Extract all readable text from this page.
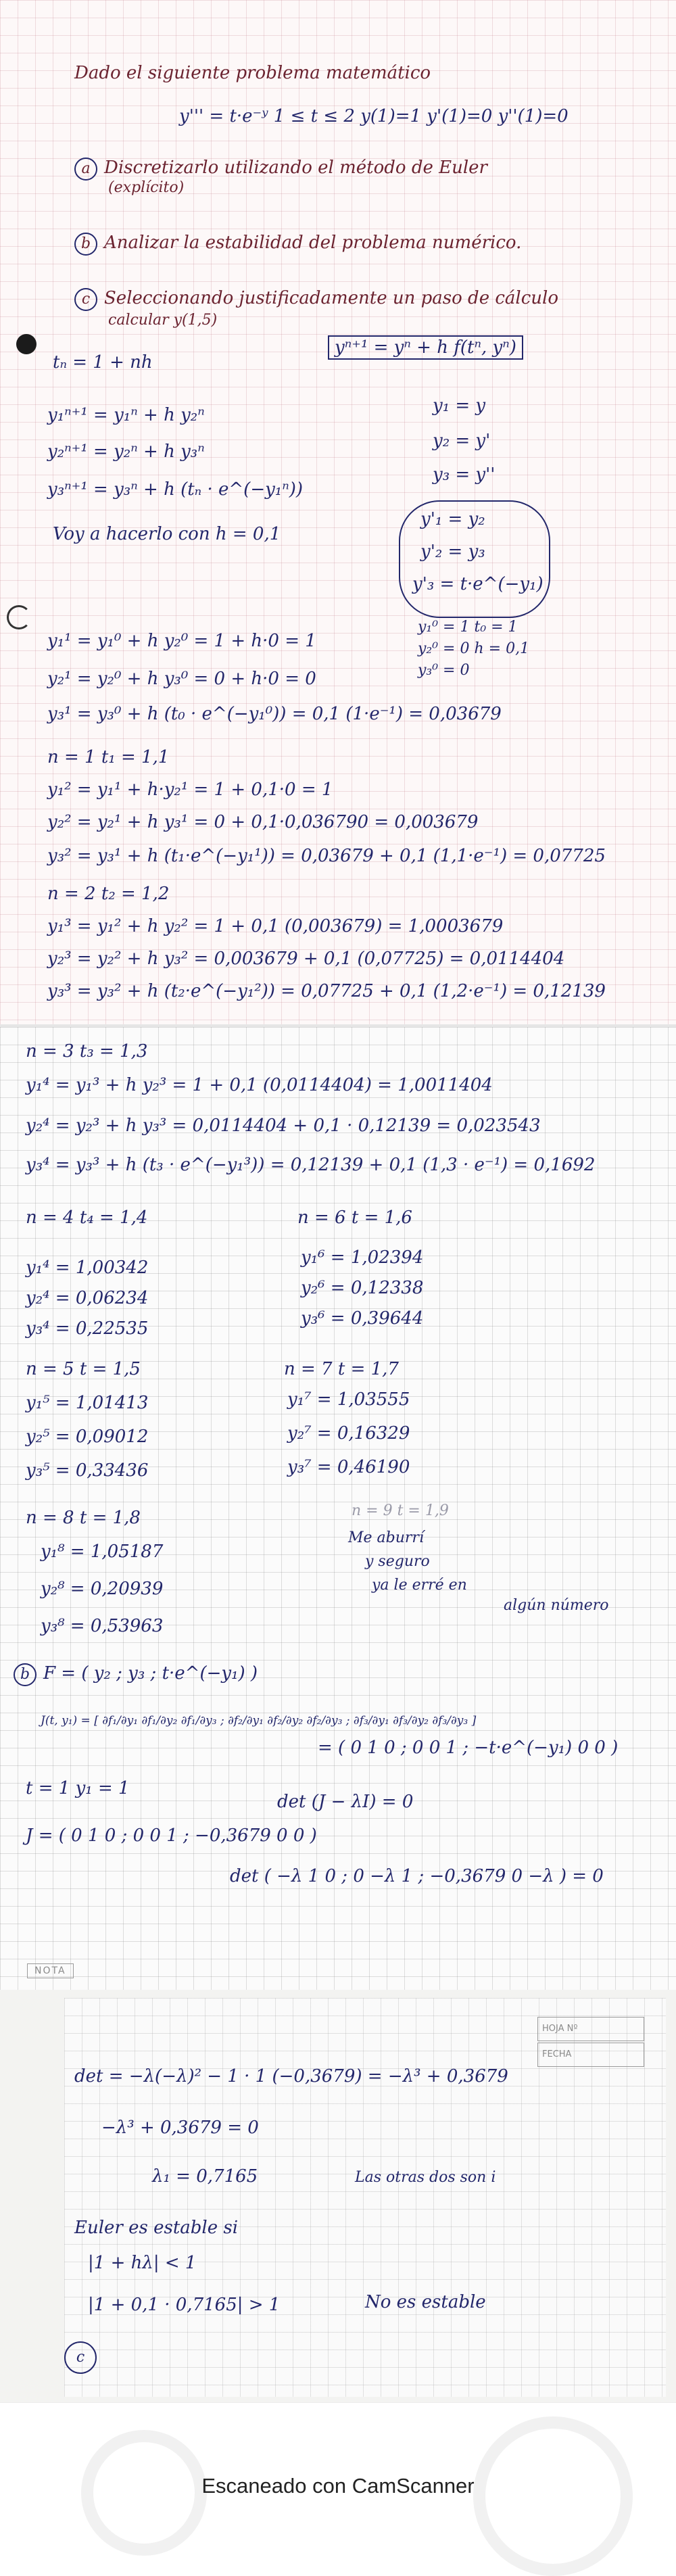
Dado el siguiente problema matemático
y''' = t·e⁻ʸ 1 ≤ t ≤ 2 y(1)=1 y'(1)=0 y''(1)=0
a Discretizarlo utilizando el método de Euler
(explícito)
b Analizar la estabilidad del problema numérico.
c Seleccionando justificadamente un paso de cálculo
calcular y(1,5)
tₙ = 1 + nh
yⁿ⁺¹ = yⁿ + h f(tⁿ, yⁿ)
y₁ⁿ⁺¹ = y₁ⁿ + h y₂ⁿ
y₂ⁿ⁺¹ = y₂ⁿ + h y₃ⁿ
y₃ⁿ⁺¹ = y₃ⁿ + h (tₙ · e^(−y₁ⁿ))
y₁ = y
y₂ = y'
y₃ = y''
Voy a hacerlo con h = 0,1
y'₁ = y₂
y'₂ = y₃
y'₃ = t·e^(−y₁)
y₁⁰ = 1 t₀ = 1
y₂⁰ = 0 h = 0,1
y₃⁰ = 0
y₁¹ = y₁⁰ + h y₂⁰ = 1 + h·0 = 1
y₂¹ = y₂⁰ + h y₃⁰ = 0 + h·0 = 0
y₃¹ = y₃⁰ + h (t₀ · e^(−y₁⁰)) = 0,1 (1·e⁻¹) = 0,03679
n = 1 t₁ = 1,1
y₁² = y₁¹ + h·y₂¹ = 1 + 0,1·0 = 1
y₂² = y₂¹ + h y₃¹ = 0 + 0,1·0,036790 = 0,003679
y₃² = y₃¹ + h (t₁·e^(−y₁¹)) = 0,03679 + 0,1 (1,1·e⁻¹) = 0,07725
n = 2 t₂ = 1,2
y₁³ = y₁² + h y₂² = 1 + 0,1 (0,003679) = 1,0003679
y₂³ = y₂² + h y₃² = 0,003679 + 0,1 (0,07725) = 0,0114404
y₃³ = y₃² + h (t₂·e^(−y₁²)) = 0,07725 + 0,1 (1,2·e⁻¹) = 0,12139
n = 3 t₃ = 1,3
y₁⁴ = y₁³ + h y₂³ = 1 + 0,1 (0,0114404) = 1,0011404
y₂⁴ = y₂³ + h y₃³ = 0,0114404 + 0,1 · 0,12139 = 0,023543
y₃⁴ = y₃³ + h (t₃ · e^(−y₁³)) = 0,12139 + 0,1 (1,3 · e⁻¹) = 0,1692
n = 4 t₄ = 1,4	n = 6 t = 1,6
y₁⁴ = 1,00342
y₂⁴ = 0,06234
y₃⁴ = 0,22535
y₁⁶ = 1,02394
y₂⁶ = 0,12338
y₃⁶ = 0,39644
n = 5 t = 1,5	n = 7 t = 1,7
y₁⁵ = 1,01413
y₂⁵ = 0,09012
y₃⁵ = 0,33436
y₁⁷ = 1,03555
y₂⁷ = 0,16329
y₃⁷ = 0,46190
n = 8 t = 1,8	n = 9 t = 1,9
y₁⁸ = 1,05187
y₂⁸ = 0,20939
y₃⁸ = 0,53963
Me aburrí
y seguro
ya le erré en
algún número
b F = ( y₂ ; y₃ ; t·e^(−y₁) )
J(t, y₁) = [ ∂f₁/∂y₁ ∂f₁/∂y₂ ∂f₁/∂y₃ ; ∂f₂/∂y₁ ∂f₂/∂y₂ ∂f₂/∂y₃ ; ∂f₃/∂y₁ ∂f₃/∂y₂ ∂f₃/∂y₃ ]
= ( 0 1 0 ; 0 0 1 ; −t·e^(−y₁) 0 0 )
t = 1 y₁ = 1
J = ( 0 1 0 ; 0 0 1 ; −0,3679 0 0 )
det (J − λI) = 0
det ( −λ 1 0 ; 0 −λ 1 ; −0,3679 0 −λ ) = 0
NOTA
HOJA Nº
FECHA
det = −λ(−λ)² − 1 · 1 (−0,3679) = −λ³ + 0,3679
−λ³ + 0,3679 = 0
λ₁ = 0,7165	Las otras dos son i
Euler es estable si
|1 + hλ| < 1
|1 + 0,1 · 0,7165| > 1	No es estable
c
Escaneado con CamScanner
